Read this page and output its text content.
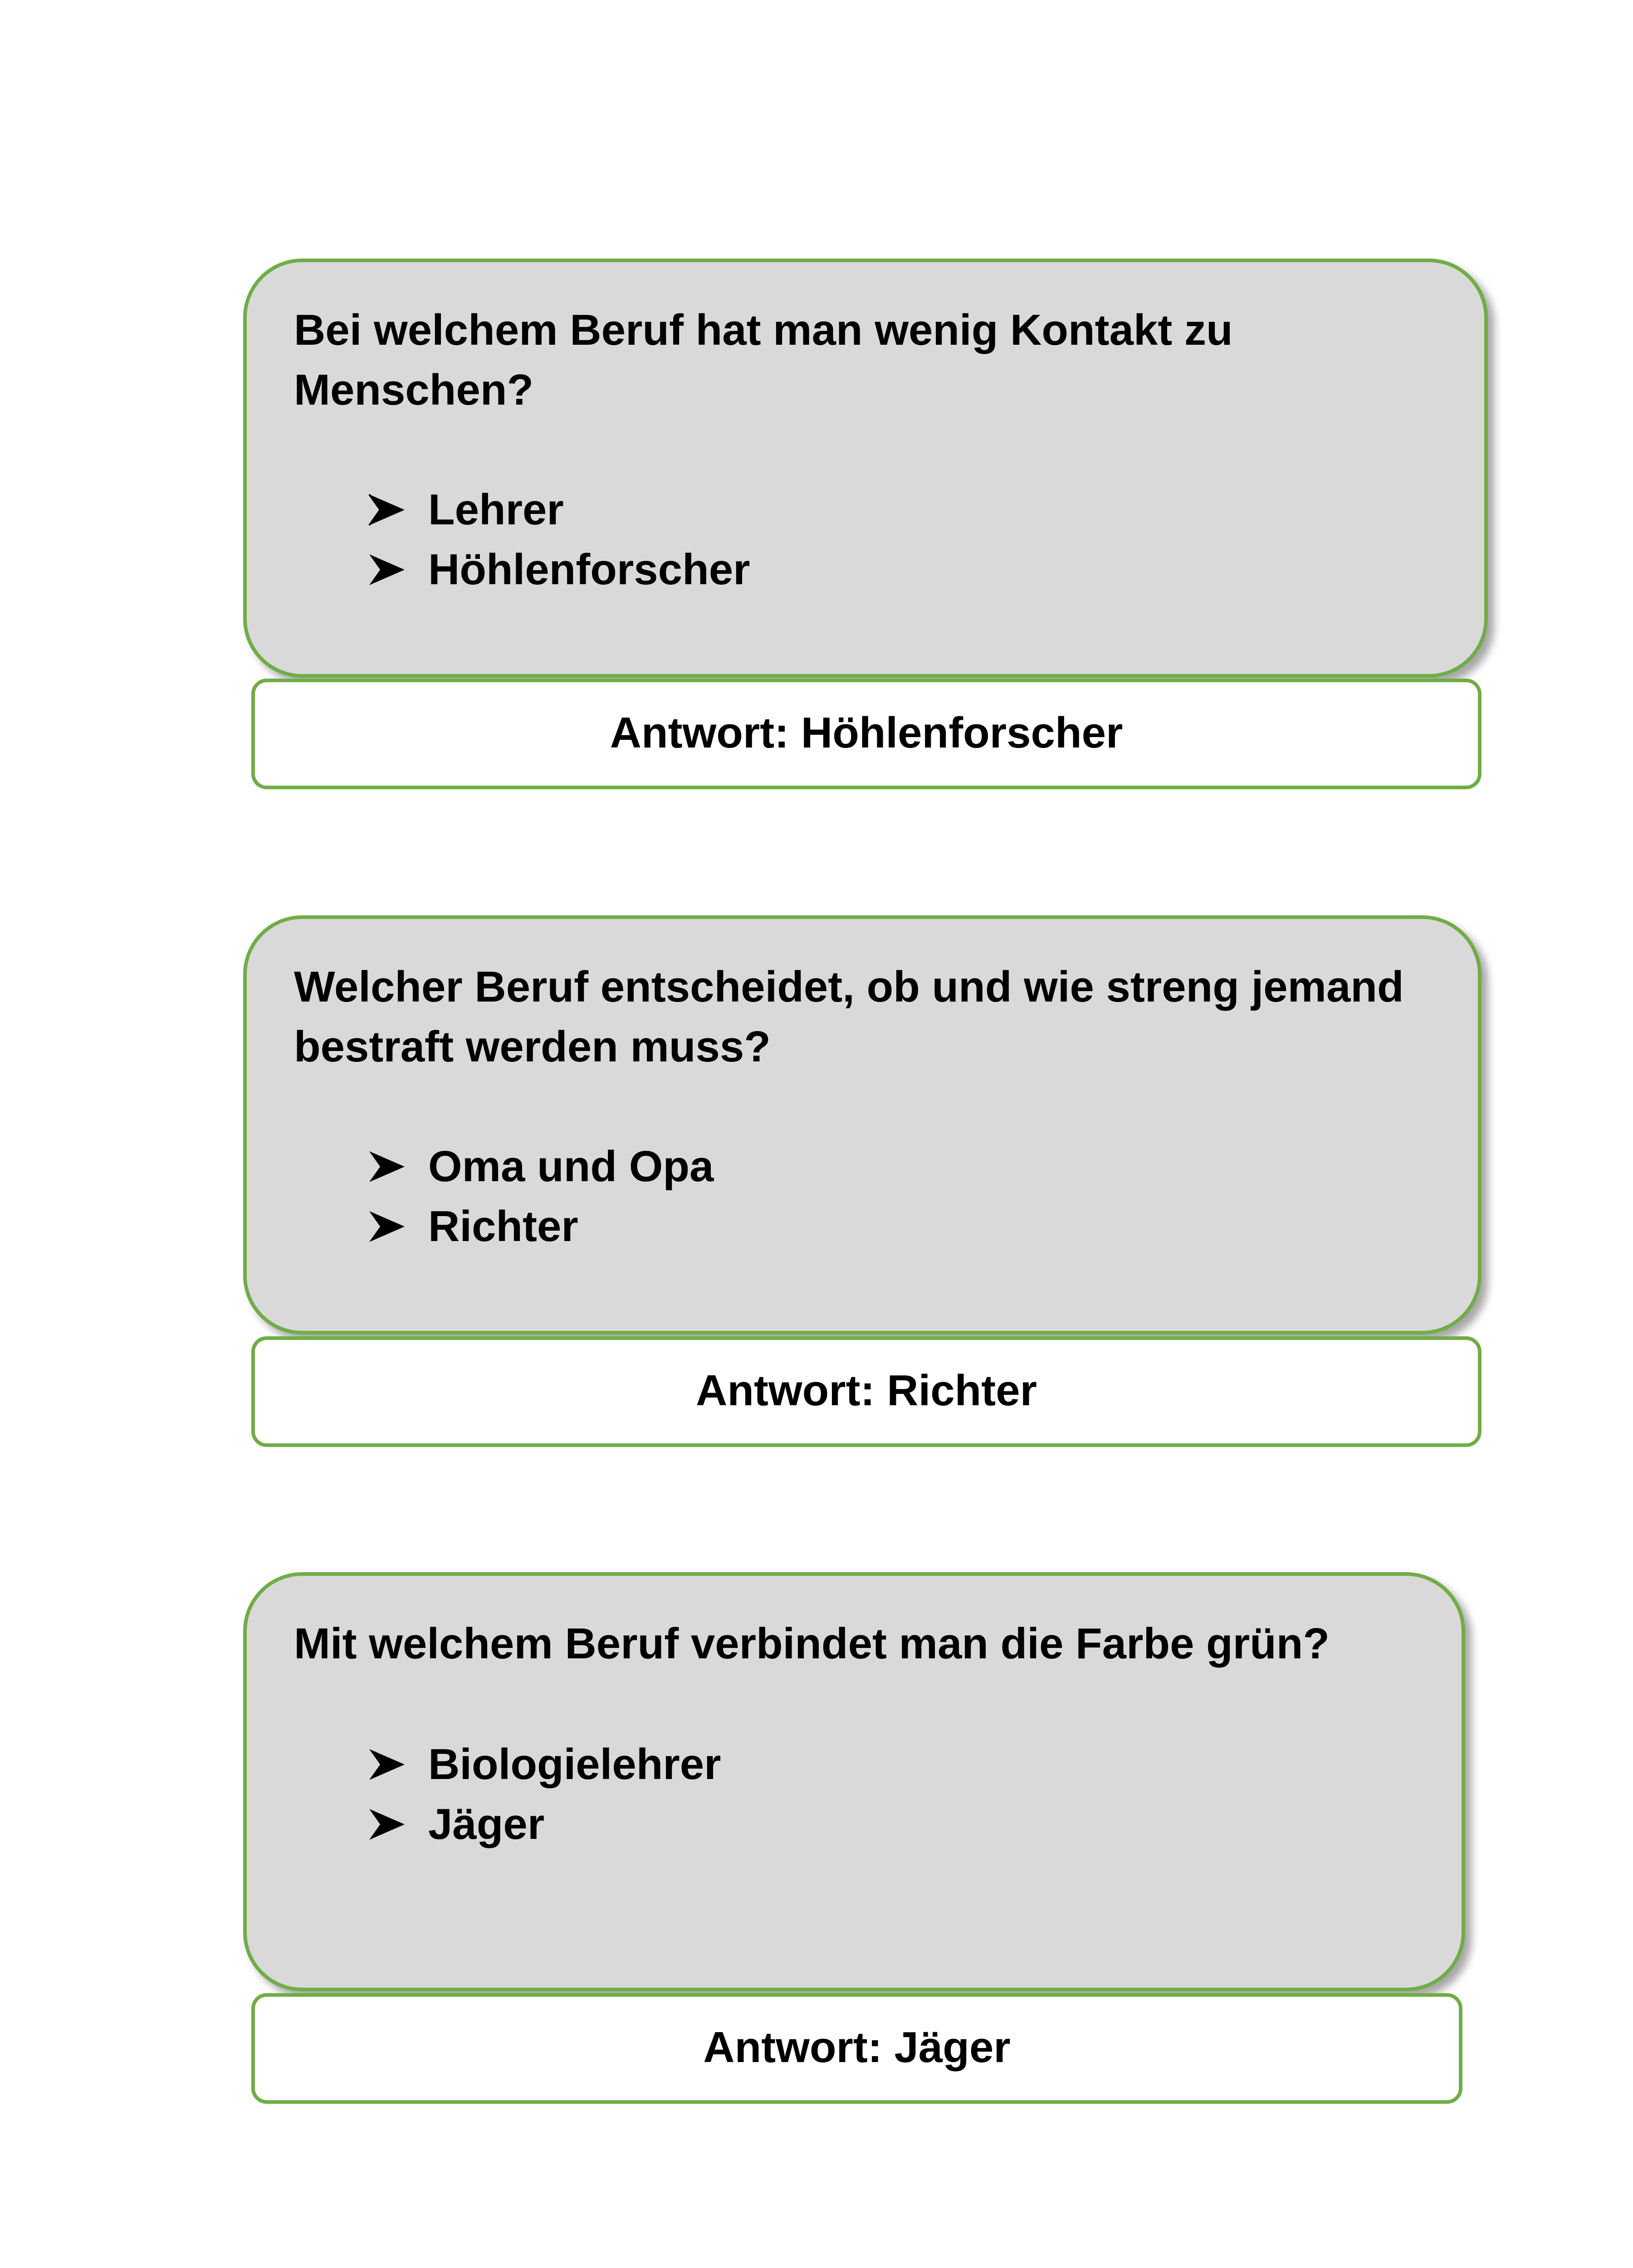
Bei welchem Beruf hat man wenig Kontakt zu Menschen?

Lehrer
Höhlenforscher
Antwort: Höhlenforscher

Welcher Beruf entscheidet, ob und wie streng jemand bestraft werden muss?

Oma und Opa
Richter
Antwort: Richter

Mit welchem Beruf verbindet man die Farbe grün?

Biologielehrer
Jäger
Antwort: Jäger
